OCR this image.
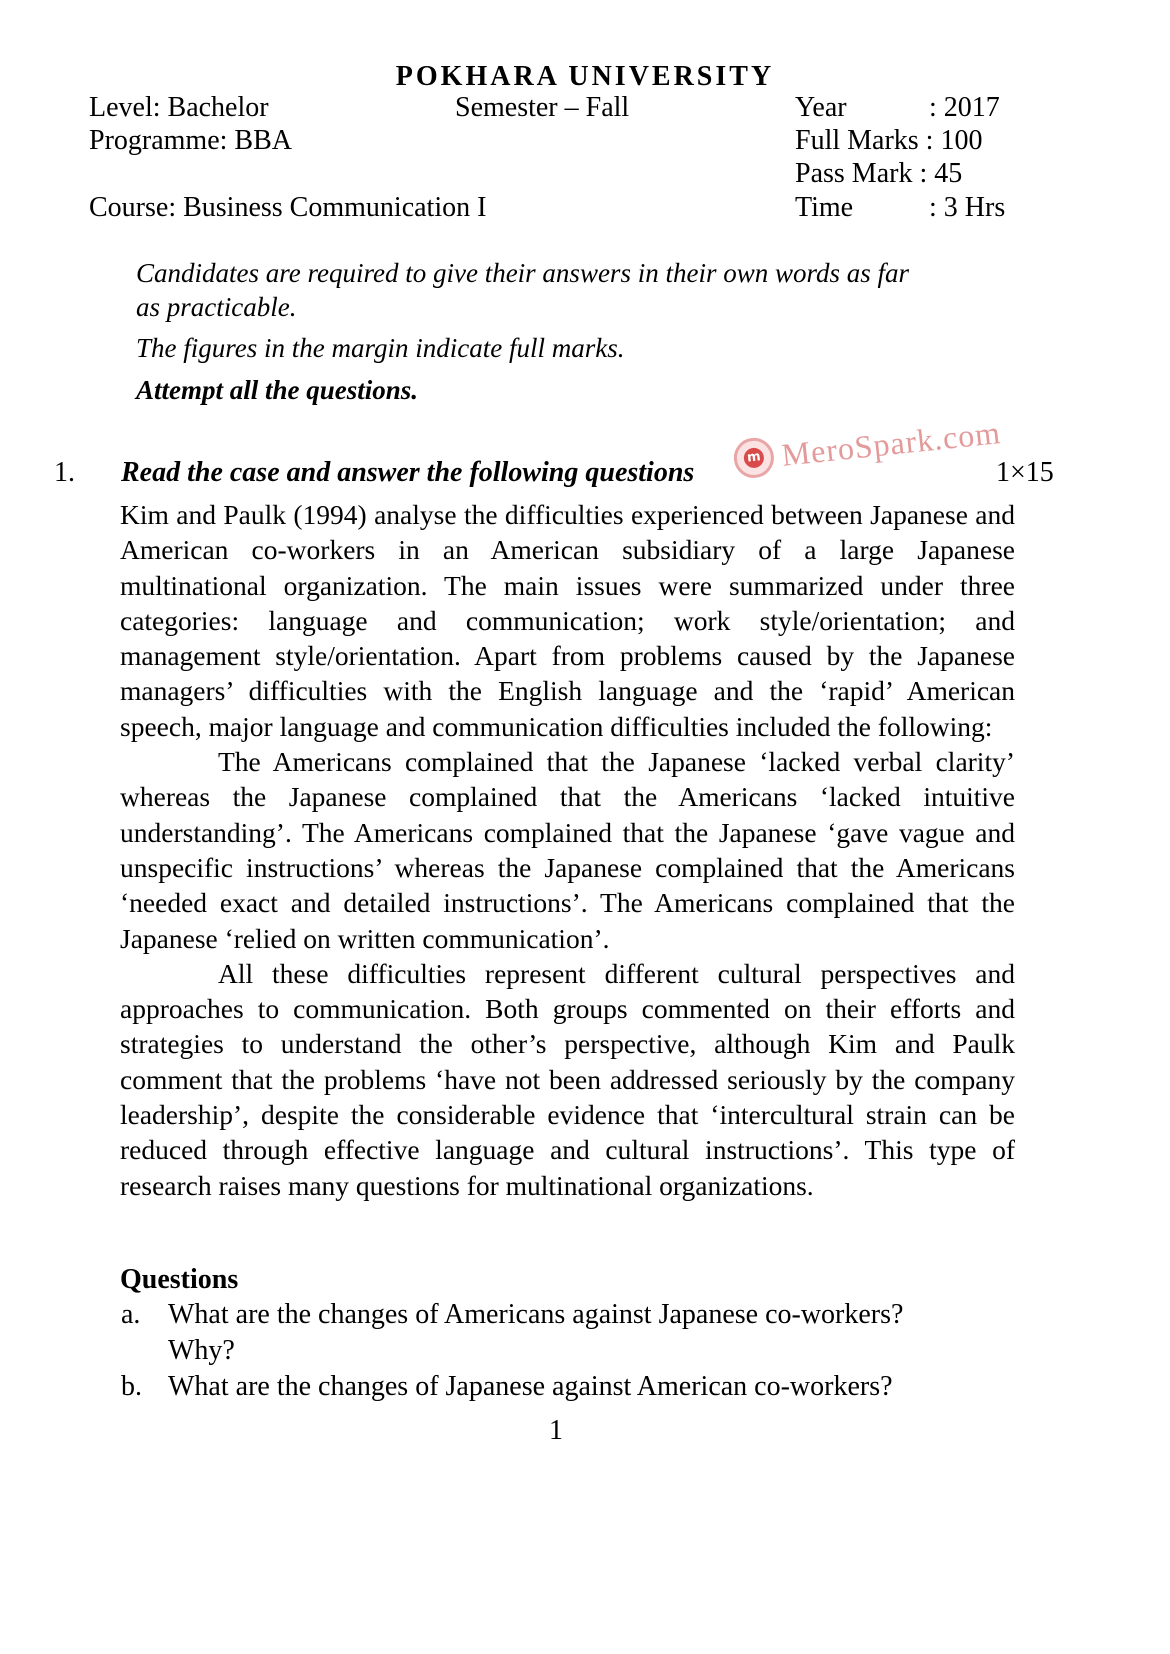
POKHARA UNIVERSITY
Level: Bachelor	Semester – Fall	Year	: 2017
Programme: BBA	Full Marks : 100
Pass Mark : 45
Course: Business Communication I	Time	: 3 Hrs
Candidates are required to give their answers in their own words as far
as practicable.
The figures in the margin indicate full marks.
Attempt all the questions.
m MeroSpark.com
1. Read the case and answer the following questions	1×15

Kim and Paulk (1994) analyse the difficulties experienced between Japanese and American co-workers in an American subsidiary of a large Japanese multinational organization. The main issues were summarized under three categories: language and communication; work style/orientation; and management style/orientation. Apart from problems caused by the Japanese managers’ difficulties with the English language and the ‘rapid’ American speech, major language and communication difficulties included the following:

The Americans complained that the Japanese ‘lacked verbal clarity’ whereas the Japanese complained that the Americans ‘lacked intuitive understanding’. The Americans complained that the Japanese ‘gave vague and unspecific instructions’ whereas the Japanese complained that the Americans ‘needed exact and detailed instructions’. The Americans complained that the Japanese ‘relied on written communication’.

All these difficulties represent different cultural perspectives and approaches to communication. Both groups commented on their efforts and strategies to understand the other’s perspective, although Kim and Paulk comment that the problems ‘have not been addressed seriously by the company leadership’, despite the considerable evidence that ‘intercultural strain can be reduced through effective language and cultural instructions’. This type of research raises many questions for multinational organizations.

Questions
a. What are the changes of Americans against Japanese co-workers?
Why?
b. What are the changes of Japanese against American co-workers?
1
